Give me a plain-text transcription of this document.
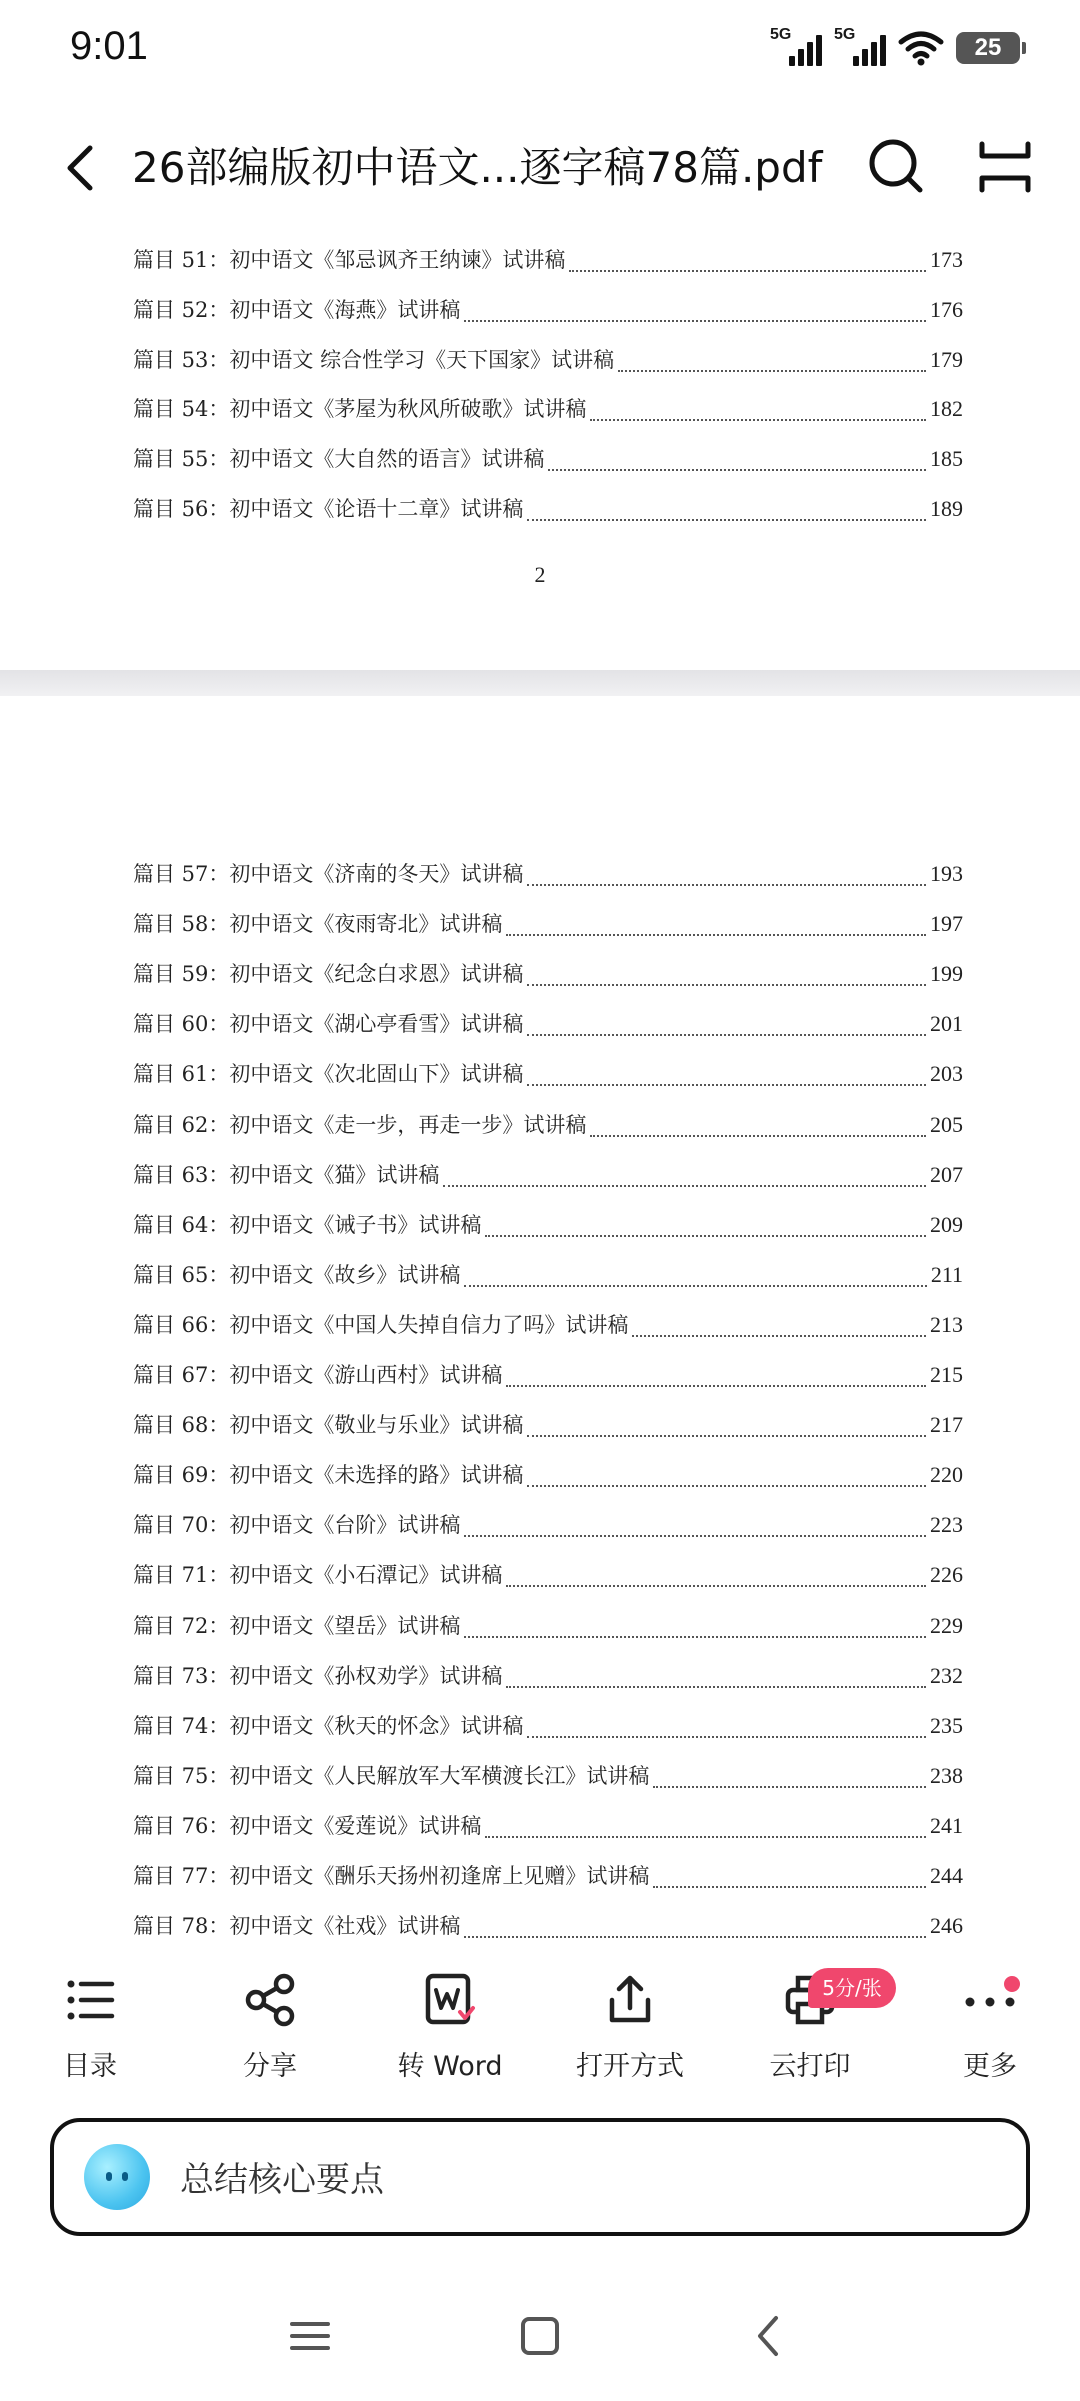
9:01	5G	5G	25
26部编版初中语文...逐字稿78篇.pdf
篇目 51：初中语文《邹忌讽齐王纳谏》试讲稿	173
篇目 52：初中语文《海燕》试讲稿	176
篇目 53：初中语文 综合性学习《天下国家》试讲稿	179
篇目 54：初中语文《茅屋为秋风所破歌》试讲稿	182
篇目 55：初中语文《大自然的语言》试讲稿	185
篇目 56：初中语文《论语十二章》试讲稿	189
2
篇目 57：初中语文《济南的冬天》试讲稿	193
篇目 58：初中语文《夜雨寄北》试讲稿	197
篇目 59：初中语文《纪念白求恩》试讲稿	199
篇目 60：初中语文《湖心亭看雪》试讲稿	201
篇目 61：初中语文《次北固山下》试讲稿	203
篇目 62：初中语文《走一步，再走一步》试讲稿	205
篇目 63：初中语文《猫》试讲稿	207
篇目 64：初中语文《诫子书》试讲稿	209
篇目 65：初中语文《故乡》试讲稿	211
篇目 66：初中语文《中国人失掉自信力了吗》试讲稿	213
篇目 67：初中语文《游山西村》试讲稿	215
篇目 68：初中语文《敬业与乐业》试讲稿	217
篇目 69：初中语文《未选择的路》试讲稿	220
篇目 70：初中语文《台阶》试讲稿	223
篇目 71：初中语文《小石潭记》试讲稿	226
篇目 72：初中语文《望岳》试讲稿	229
篇目 73：初中语文《孙权劝学》试讲稿	232
篇目 74：初中语文《秋天的怀念》试讲稿	235
篇目 75：初中语文《人民解放军大军横渡长江》试讲稿	238
篇目 76：初中语文《爱莲说》试讲稿	241
篇目 77：初中语文《酬乐天扬州初逢席上见赠》试讲稿	244
篇目 78：初中语文《社戏》试讲稿	246
目录	分享	转 Word	打开方式	云打印
5分/张
更多
总结核心要点
